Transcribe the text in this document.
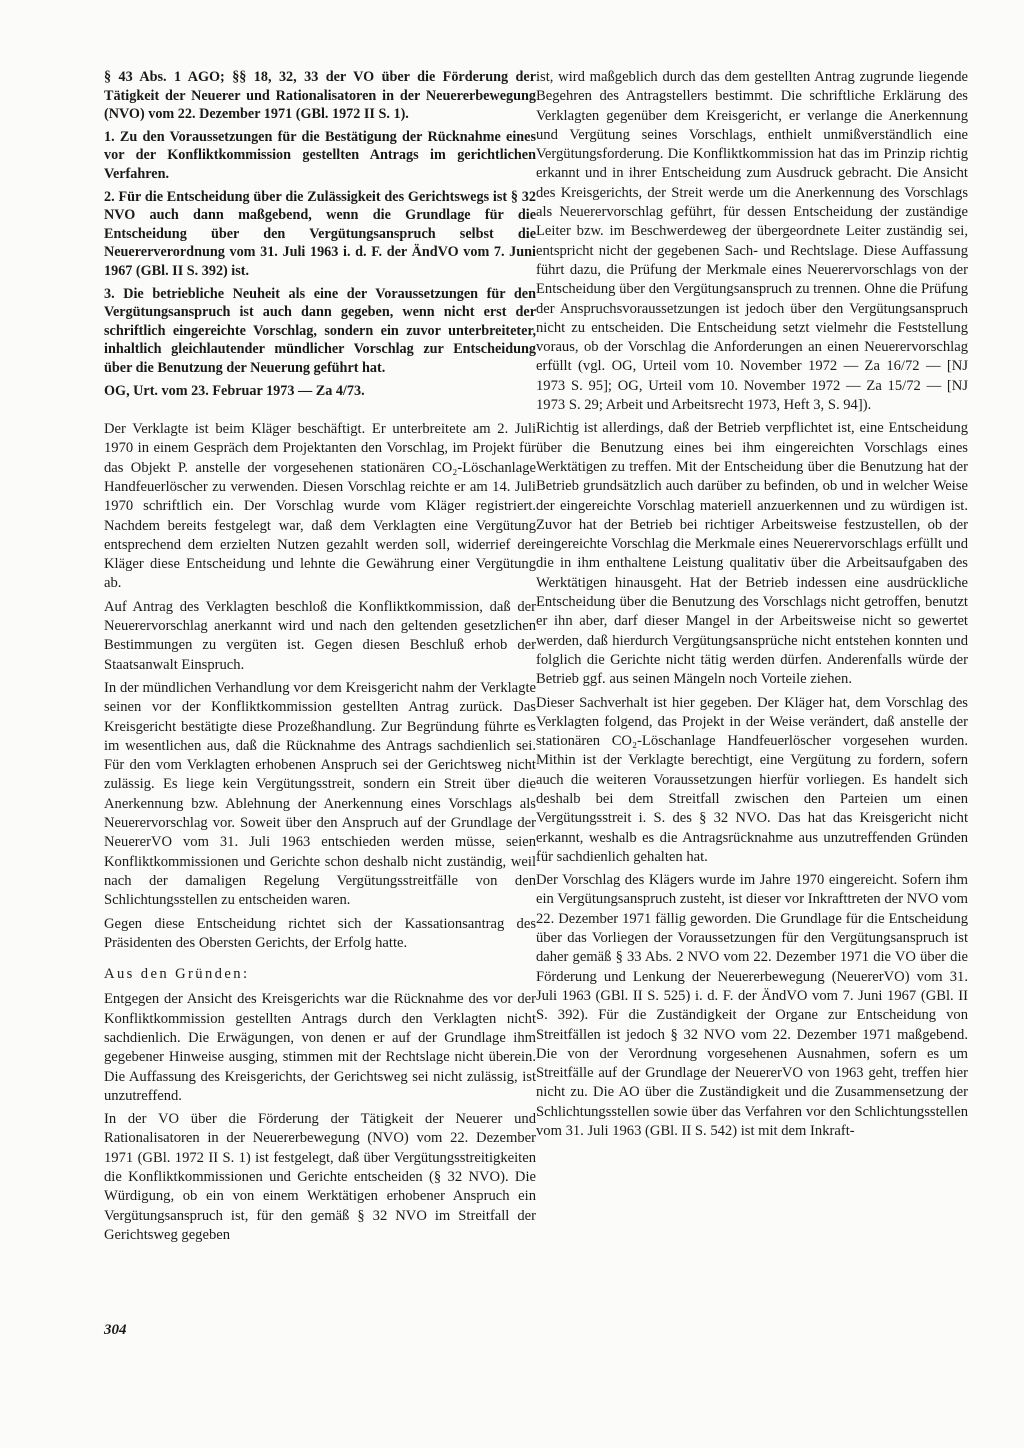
§ 43 Abs. 1 AGO; §§ 18, 32, 33 der VO über die Förderung der Tätigkeit der Neuerer und Rationalisatoren in der Neuererbewegung (NVO) vom 22. Dezember 1971 (GBl. 1972 II S. 1).

1. Zu den Voraussetzungen für die Bestätigung der Rücknahme eines vor der Konfliktkommission gestellten Antrags im gerichtlichen Verfahren.

2. Für die Entscheidung über die Zulässigkeit des Gerichtswegs ist § 32 NVO auch dann maßgebend, wenn die Grundlage für die Entscheidung über den Vergütungsanspruch selbst die Neuererverordnung vom 31. Juli 1963 i. d. F. der ÄndVO vom 7. Juni 1967 (GBl. II S. 392) ist.

3. Die betriebliche Neuheit als eine der Voraussetzungen für den Vergütungsanspruch ist auch dann gegeben, wenn nicht erst der schriftlich eingereichte Vorschlag, sondern ein zuvor unterbreiteter, inhaltlich gleichlautender mündlicher Vorschlag zur Entscheidung über die Benutzung der Neuerung geführt hat.

OG, Urt. vom 23. Februar 1973 — Za 4/73.

Der Verklagte ist beim Kläger beschäftigt. Er unterbreitete am 2. Juli 1970 in einem Gespräch dem Projektanten den Vorschlag, im Projekt für das Objekt P. anstelle der vorgesehenen stationären CO₂-Löschanlage Handfeuerlöscher zu verwenden. Diesen Vorschlag reichte er am 14. Juli 1970 schriftlich ein. Der Vorschlag wurde vom Kläger registriert. Nachdem bereits festgelegt war, daß dem Verklagten eine Vergütung entsprechend dem erzielten Nutzen gezahlt werden soll, widerrief der Kläger diese Entscheidung und lehnte die Gewährung einer Vergütung ab.

Auf Antrag des Verklagten beschloß die Konfliktkommission, daß der Neuerervorschlag anerkannt wird und nach den geltenden gesetzlichen Bestimmungen zu vergüten ist. Gegen diesen Beschluß erhob der Staatsanwalt Einspruch.

In der mündlichen Verhandlung vor dem Kreisgericht nahm der Verklagte seinen vor der Konfliktkommission gestellten Antrag zurück. Das Kreisgericht bestätigte diese Prozeßhandlung. Zur Begründung führte es im wesentlichen aus, daß die Rücknahme des Antrags sachdienlich sei. Für den vom Verklagten erhobenen Anspruch sei der Gerichtsweg nicht zulässig. Es liege kein Vergütungsstreit, sondern ein Streit über die Anerkennung bzw. Ablehnung der Anerkennung eines Vorschlags als Neuerervorschlag vor. Soweit über den Anspruch auf der Grundlage der NeuererVO vom 31. Juli 1963 entschieden werden müsse, seien Konfliktkommissionen und Gerichte schon deshalb nicht zuständig, weil nach der damaligen Regelung Vergütungsstreitfälle von den Schlichtungsstellen zu entscheiden waren.

Gegen diese Entscheidung richtet sich der Kassationsantrag des Präsidenten des Obersten Gerichts, der Erfolg hatte.

Aus den Gründen:

Entgegen der Ansicht des Kreisgerichts war die Rücknahme des vor der Konfliktkommission gestellten Antrags durch den Verklagten nicht sachdienlich. Die Erwägungen, von denen er auf der Grundlage ihm gegebener Hinweise ausging, stimmen mit der Rechtslage nicht überein. Die Auffassung des Kreisgerichts, der Gerichtsweg sei nicht zulässig, ist unzutreffend.

In der VO über die Förderung der Tätigkeit der Neuerer und Rationalisatoren in der Neuererbewegung (NVO) vom 22. Dezember 1971 (GBl. 1972 II S. 1) ist festgelegt, daß über Vergütungsstreitigkeiten die Konfliktkommissionen und Gerichte entscheiden (§ 32 NVO). Die Würdigung, ob ein von einem Werktätigen erhobener Anspruch ein Vergütungsanspruch ist, für den gemäß § 32 NVO im Streitfall der Gerichtsweg gegeben

ist, wird maßgeblich durch das dem gestellten Antrag zugrunde liegende Begehren des Antragstellers bestimmt. Die schriftliche Erklärung des Verklagten gegenüber dem Kreisgericht, er verlange die Anerkennung und Vergütung seines Vorschlags, enthielt unmißverständlich eine Vergütungsforderung. Die Konfliktkommission hat das im Prinzip richtig erkannt und in ihrer Entscheidung zum Ausdruck gebracht. Die Ansicht des Kreisgerichts, der Streit werde um die Anerkennung des Vorschlags als Neuerervorschlag geführt, für dessen Entscheidung der zuständige Leiter bzw. im Beschwerdeweg der übergeordnete Leiter zuständig sei, entspricht nicht der gegebenen Sach- und Rechtslage. Diese Auffassung führt dazu, die Prüfung der Merkmale eines Neuerervorschlags von der Entscheidung über den Vergütungsanspruch zu trennen. Ohne die Prüfung der Anspruchsvoraussetzungen ist jedoch über den Vergütungsanspruch nicht zu entscheiden. Die Entscheidung setzt vielmehr die Feststellung voraus, ob der Vorschlag die Anforderungen an einen Neuerervorschlag erfüllt (vgl. OG, Urteil vom 10. November 1972 — Za 16/72 — [NJ 1973 S. 95]; OG, Urteil vom 10. November 1972 — Za 15/72 — [NJ 1973 S. 29; Arbeit und Arbeitsrecht 1973, Heft 3, S. 94]).

Richtig ist allerdings, daß der Betrieb verpflichtet ist, eine Entscheidung über die Benutzung eines bei ihm eingereichten Vorschlags eines Werktätigen zu treffen. Mit der Entscheidung über die Benutzung hat der Betrieb grundsätzlich auch darüber zu befinden, ob und in welcher Weise der eingereichte Vorschlag materiell anzuerkennen und zu würdigen ist. Zuvor hat der Betrieb bei richtiger Arbeitsweise festzustellen, ob der eingereichte Vorschlag die Merkmale eines Neuerervorschlags erfüllt und die in ihm enthaltene Leistung qualitativ über die Arbeitsaufgaben des Werktätigen hinausgeht. Hat der Betrieb indessen eine ausdrückliche Entscheidung über die Benutzung des Vorschlags nicht getroffen, benutzt er ihn aber, darf dieser Mangel in der Arbeitsweise nicht so gewertet werden, daß hierdurch Vergütungsansprüche nicht entstehen konnten und folglich die Gerichte nicht tätig werden dürfen. Anderenfalls würde der Betrieb ggf. aus seinen Mängeln noch Vorteile ziehen.

Dieser Sachverhalt ist hier gegeben. Der Kläger hat, dem Vorschlag des Verklagten folgend, das Projekt in der Weise verändert, daß anstelle der stationären CO₂-Löschanlage Handfeuerlöscher vorgesehen wurden. Mithin ist der Verklagte berechtigt, eine Vergütung zu fordern, sofern auch die weiteren Voraussetzungen hierfür vorliegen. Es handelt sich deshalb bei dem Streitfall zwischen den Parteien um einen Vergütungsstreit i. S. des § 32 NVO. Das hat das Kreisgericht nicht erkannt, weshalb es die Antragsrücknahme aus unzutreffenden Gründen für sachdienlich gehalten hat.

Der Vorschlag des Klägers wurde im Jahre 1970 eingereicht. Sofern ihm ein Vergütungsanspruch zusteht, ist dieser vor Inkrafttreten der NVO vom 22. Dezember 1971 fällig geworden. Die Grundlage für die Entscheidung über das Vorliegen der Voraussetzungen für den Vergütungsanspruch ist daher gemäß § 33 Abs. 2 NVO vom 22. Dezember 1971 die VO über die Förderung und Lenkung der Neuererbewegung (NeuererVO) vom 31. Juli 1963 (GBl. II S. 525) i. d. F. der ÄndVO vom 7. Juni 1967 (GBl. II S. 392). Für die Zuständigkeit der Organe zur Entscheidung von Streitfällen ist jedoch § 32 NVO vom 22. Dezember 1971 maßgebend. Die von der Verordnung vorgesehenen Ausnahmen, sofern es um Streitfälle auf der Grundlage der NeuererVO von 1963 geht, treffen hier nicht zu. Die AO über die Zuständigkeit und die Zusammensetzung der Schlichtungsstellen sowie über das Verfahren vor den Schlichtungsstellen vom 31. Juli 1963 (GBl. II S. 542) ist mit dem Inkraft-

304
